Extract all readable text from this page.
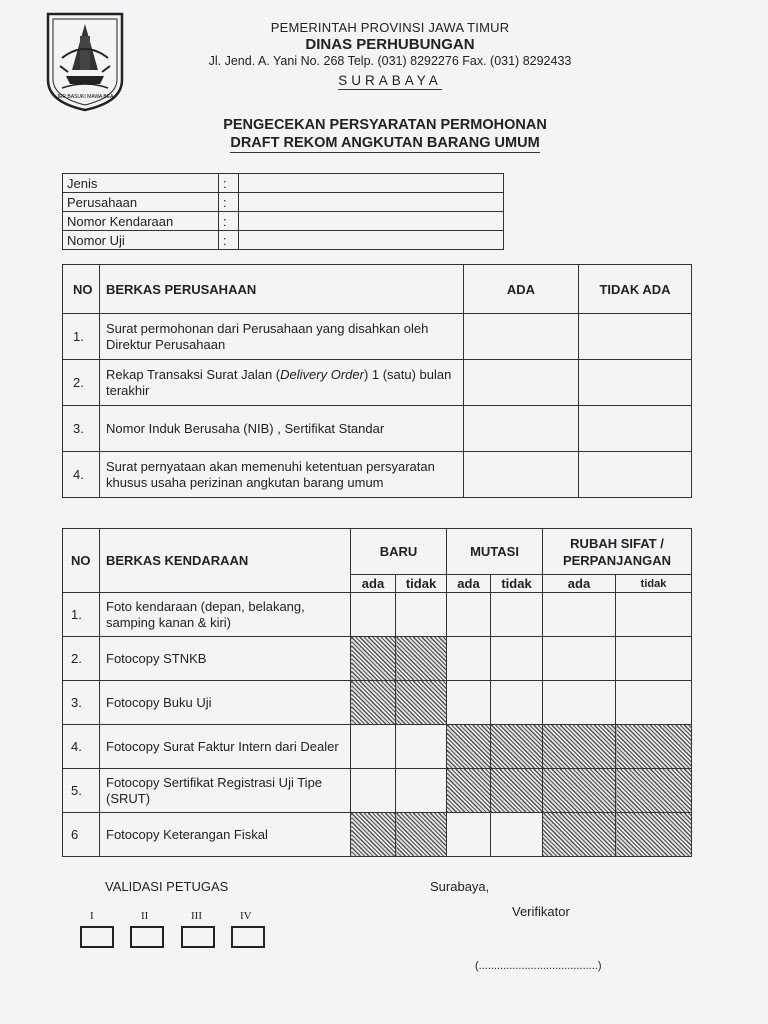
JER BASUKI MAWA BEA
PEMERINTAH PROVINSI JAWA TIMUR
DINAS PERHUBUNGAN
Jl. Jend. A. Yani No. 268 Telp. (031) 8292276 Fax. (031) 8292433
SURABAYA
PENGECEKAN PERSYARATAN PERMOHONAN
DRAFT REKOM ANGKUTAN BARANG UMUM
Jenis	:	
Perusahaan	:	
Nomor Kendaraan	:	
Nomor Uji	:	
NO	BERKAS PERUSAHAAN	ADA	TIDAK ADA
1.	Surat permohonan dari Perusahaan yang disahkan oleh Direktur Perusahaan		
2.	Rekap Transaksi Surat Jalan (Delivery Order) 1 (satu) bulan terakhir		
3.	Nomor Induk Berusaha (NIB) , Sertifikat Standar		
4.	Surat pernyataan akan memenuhi ketentuan persyaratan khusus usaha perizinan angkutan barang umum		
NO	BERKAS KENDARAAN	BARU		MUTASI		RUBAH SIFAT / PERPANJANGAN	
		ada	tidak	ada	tidak	ada	tidak
1.	Foto kendaraan (depan, belakang, samping kanan & kiri)						
2.	Fotocopy STNKB						
3.	Fotocopy Buku Uji						
4.	Fotocopy Surat Faktur Intern dari Dealer						
5.	Fotocopy Sertifikat Registrasi Uji Tipe (SRUT)						
6	Fotocopy Keterangan Fiskal						
VALIDASI PETUGAS	Surabaya,
Verifikator
I	II	III	IV
(.......................................)
